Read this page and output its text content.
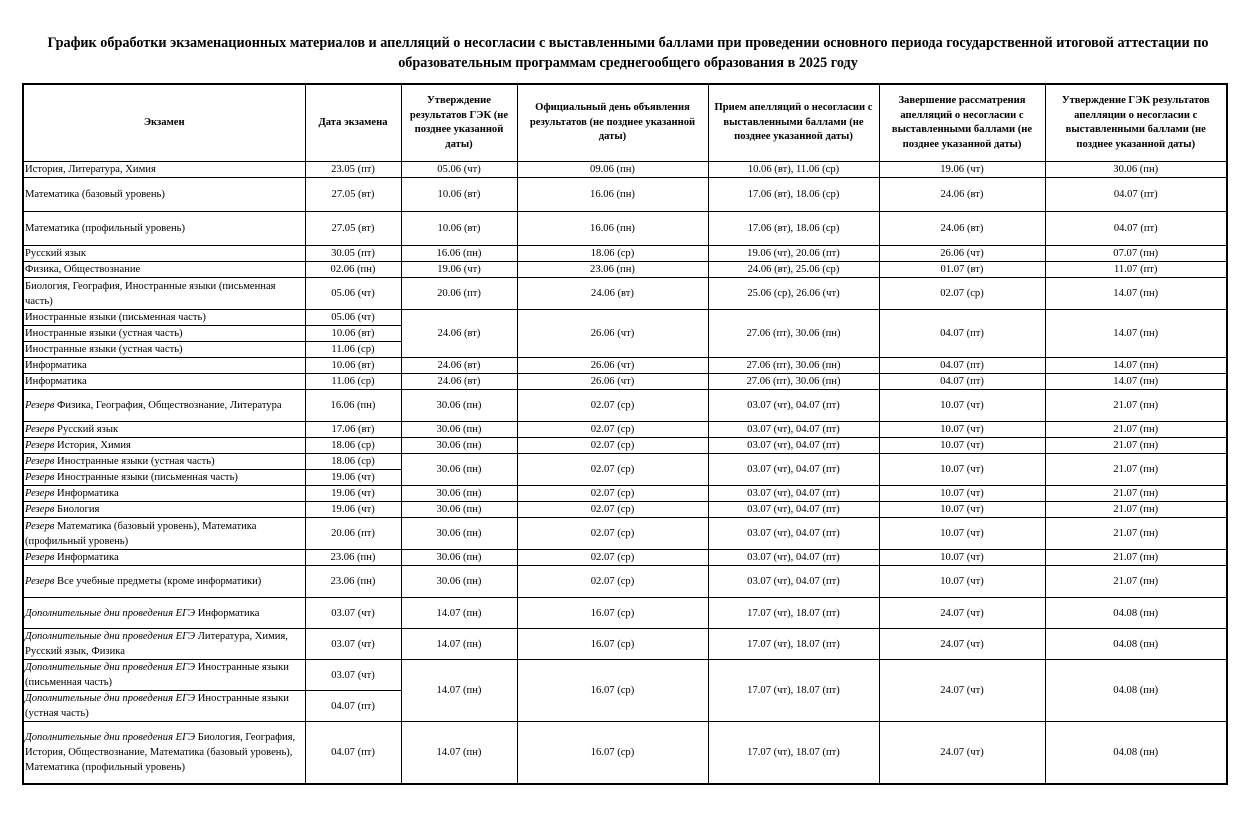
График обработки экзаменационных материалов и апелляций о несогласии с выставленными баллами при проведении основного периода государственной итоговой аттестации по образовательным программам среднегообщего образования в 2025 году
Экзамен	Дата экзамена	Утверждение результатов ГЭК (не позднее указанной даты)	Официальный день объявления результатов (не позднее указанной даты)	Прием апелляций о несогласии с выставленными баллами (не позднее указанной даты)	Завершение рассматрения апелляций о несогласии с выставленными баллами (не позднее указанной даты)	Утверждение ГЭК результатов апелляции о несогласии с выставленными баллами (не позднее указанной даты)
История, Литература, Химия	23.05 (пт)	05.06 (чт)	09.06 (пн)	10.06 (вт), 11.06 (ср)	19.06 (чт)	30.06 (пн)
Математика (базовый уровень)	27.05 (вт)	10.06 (вт)	16.06 (пн)	17.06 (вт), 18.06 (ср)	24.06 (вт)	04.07 (пт)
Математика (профильный уровень)	27.05 (вт)	10.06 (вт)	16.06 (пн)	17.06 (вт), 18.06 (ср)	24.06 (вт)	04.07 (пт)
Русский язык	30.05 (пт)	16.06 (пн)	18.06 (ср)	19.06 (чт), 20.06 (пт)	26.06 (чт)	07.07 (пн)
Физика, Обществознание	02.06 (пн)	19.06 (чт)	23.06 (пн)	24.06 (вт), 25.06 (ср)	01.07 (вт)	11.07 (пт)
Биология, География, Иностранные языки (письменная часть)	05.06 (чт)	20.06 (пт)	24.06 (вт)	25.06 (ср), 26.06 (чт)	02.07 (ср)	14.07 (пн)
Иностранные языки (письменная часть)	05.06 (чт)	24.06 (вт)	26.06 (чт)	27.06 (пт), 30.06 (пн)	04.07 (пт)	14.07 (пн)
Иностранные языки (устная часть)	10.06 (вт)					
Иностранные языки (устная часть)	11.06 (ср)					
Информатика	10.06 (вт)	24.06 (вт)	26.06 (чт)	27.06 (пт), 30.06 (пн)	04.07 (пт)	14.07 (пн)
Информатика	11.06 (ср)	24.06 (вт)	26.06 (чт)	27.06 (пт), 30.06 (пн)	04.07 (пт)	14.07 (пн)
Резерв Физика, География, Обществознание, Литература	16.06 (пн)	30.06 (пн)	02.07 (ср)	03.07 (чт), 04.07 (пт)	10.07 (чт)	21.07 (пн)
Резерв Русский язык	17.06 (вт)	30.06 (пн)	02.07 (ср)	03.07 (чт), 04.07 (пт)	10.07 (чт)	21.07 (пн)
Резерв История, Химия	18.06 (ср)	30.06 (пн)	02.07 (ср)	03.07 (чт), 04.07 (пт)	10.07 (чт)	21.07 (пн)
Резерв Иностранные языки (устная часть)	18.06 (ср)	30.06 (пн)	02.07 (ср)	03.07 (чт), 04.07 (пт)	10.07 (чт)	21.07 (пн)
Резерв Иностранные языки (письменная часть)	19.06 (чт)					
Резерв Информатика	19.06 (чт)	30.06 (пн)	02.07 (ср)	03.07 (чт), 04.07 (пт)	10.07 (чт)	21.07 (пн)
Резерв Биология	19.06 (чт)	30.06 (пн)	02.07 (ср)	03.07 (чт), 04.07 (пт)	10.07 (чт)	21.07 (пн)
Резерв Математика (базовый уровень), Математика (профильный уровень)	20.06 (пт)	30.06 (пн)	02.07 (ср)	03.07 (чт), 04.07 (пт)	10.07 (чт)	21.07 (пн)
Резерв Информатика	23.06 (пн)	30.06 (пн)	02.07 (ср)	03.07 (чт), 04.07 (пт)	10.07 (чт)	21.07 (пн)
Резерв Все учебные предметы (кроме информатики)	23.06 (пн)	30.06 (пн)	02.07 (ср)	03.07 (чт), 04.07 (пт)	10.07 (чт)	21.07 (пн)
Дополнительные дни проведения ЕГЭ Информатика	03.07 (чт)	14.07 (пн)	16.07 (ср)	17.07 (чт), 18.07 (пт)	24.07 (чт)	04.08 (пн)
Дополнительные дни проведения ЕГЭ Литература, Химия, Русский язык, Физика	03.07 (чт)	14.07 (пн)	16.07 (ср)	17.07 (чт), 18.07 (пт)	24.07 (чт)	04.08 (пн)
Дополнительные дни проведения ЕГЭ Иностранные языки (письменная часть)	03.07 (чт)	14.07 (пн)	16.07 (ср)	17.07 (чт), 18.07 (пт)	24.07 (чт)	04.08 (пн)
Дополнительные дни проведения ЕГЭ Иностранные языки (устная часть)	04.07 (пт)					
Дополнительные дни проведения ЕГЭ Биология, География, История, Обществознание, Математика (базовый уровень), Математика (профильный уровень)	04.07 (пт)	14.07 (пн)	16.07 (ср)	17.07 (чт), 18.07 (пт)	24.07 (чт)	04.08 (пн)
